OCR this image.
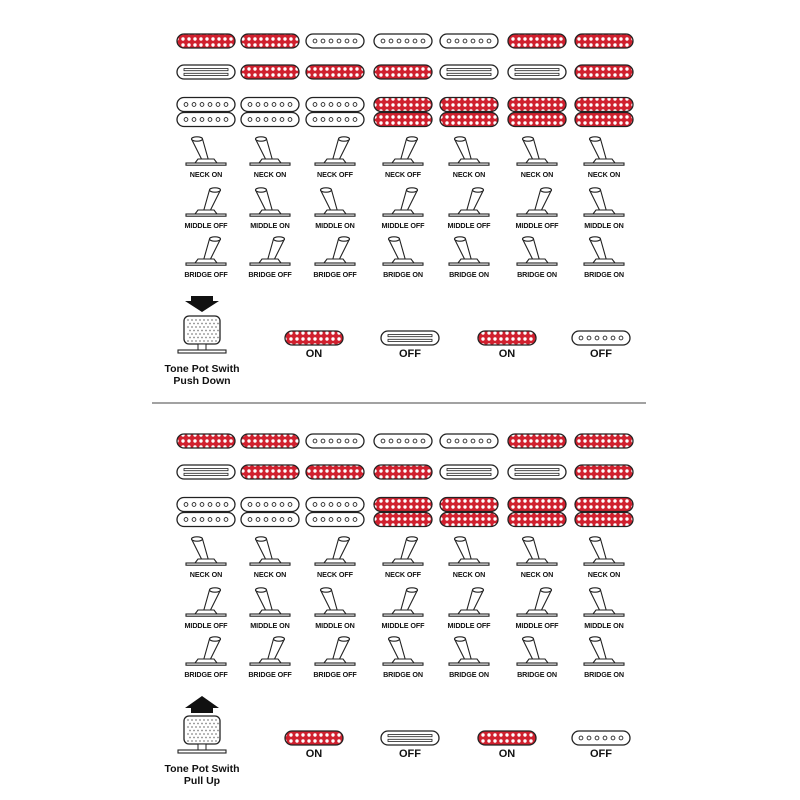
NECK ON
MIDDLE OFF
BRIDGE OFF
NECK ON
MIDDLE ON
BRIDGE OFF
NECK OFF
MIDDLE ON
BRIDGE OFF
NECK OFF
MIDDLE OFF
BRIDGE ON
NECK ON
MIDDLE OFF
BRIDGE ON
NECK ON
MIDDLE OFF
BRIDGE ON
NECK ON
MIDDLE ON
BRIDGE ON
Tone Pot Swith
Push Down
ON	OFF	ON	OFF
NECK ON
MIDDLE OFF
BRIDGE OFF
NECK ON
MIDDLE ON
BRIDGE OFF
NECK OFF
MIDDLE ON
BRIDGE OFF
NECK OFF
MIDDLE OFF
BRIDGE ON
NECK ON
MIDDLE OFF
BRIDGE ON
NECK ON
MIDDLE OFF
BRIDGE ON
NECK ON
MIDDLE ON
BRIDGE ON
Tone Pot Swith
Pull Up
ON	OFF	ON	OFF
